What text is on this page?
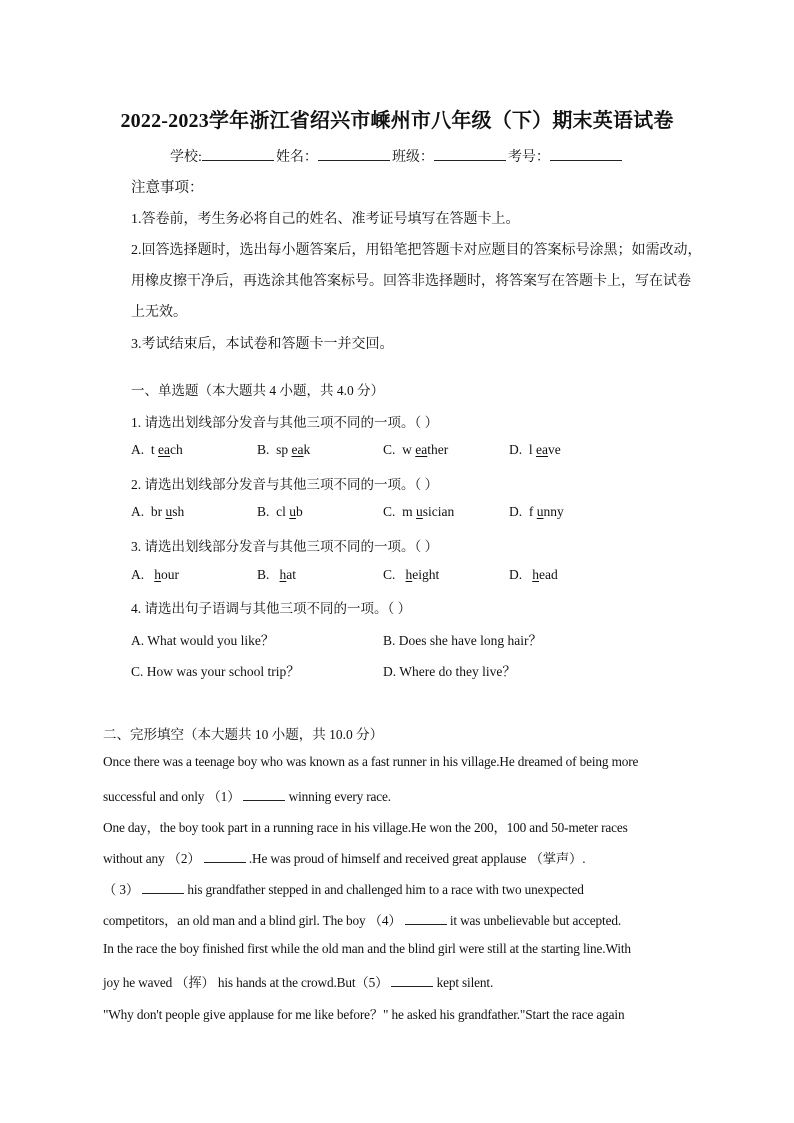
2022-2023学年浙江省绍兴市嵊州市八年级（下）期末英语试卷
学校:	姓名：	班级：	考号：
注意事项：
1.答卷前，考生务必将自己的姓名、准考证号填写在答题卡上。
2.回答选择题时，选出每小题答案后，用铅笔把答题卡对应题目的答案标号涂黑；如需改动，
用橡皮擦干净后，再选涂其他答案标号。回答非选择题时，将答案写在答题卡上，写在试卷
上无效。
3.考试结束后，本试卷和答题卡一并交回。
一、单选题（本大题共 4 小题，共 4.0 分）
1. 请选出划线部分发音与其他三项不同的一项。（ ）
A. t each	B. sp eak	C. w eather	D. l eave
2. 请选出划线部分发音与其他三项不同的一项。（ ）
A. br ush	B. cl ub	C. m usician	D. f unny
3. 请选出划线部分发音与其他三项不同的一项。（ ）
A. hour	B. hat	C. height	D. head
4. 请选出句子语调与其他三项不同的一项。（ ）
A. What would you like？	B. Does she have long hair？
C. How was your school trip？	D. Where do they live？
二、完形填空（本大题共 10 小题，共 10.0 分）
Once there was a teenage boy who was known as a fast runner in his village.He dreamed of being more
successful and only （1）	winning every race.
One day，the boy took part in a running race in his village.He won the 200，100 and 50-meter races
without any （2）	.He was proud of himself and received great applause （掌声）.
（ 3）	his grandfather stepped in and challenged him to a race with two unexpected
competitors，an old man and a blind girl. The boy （4）	it was unbelievable but accepted.
In the race the boy finished first while the old man and the blind girl were still at the starting line.With
joy he waved （挥） his hands at the crowd.But（5）	kept silent.
"Why don't people give applause for me like before？" he asked his grandfather."Start the race again
